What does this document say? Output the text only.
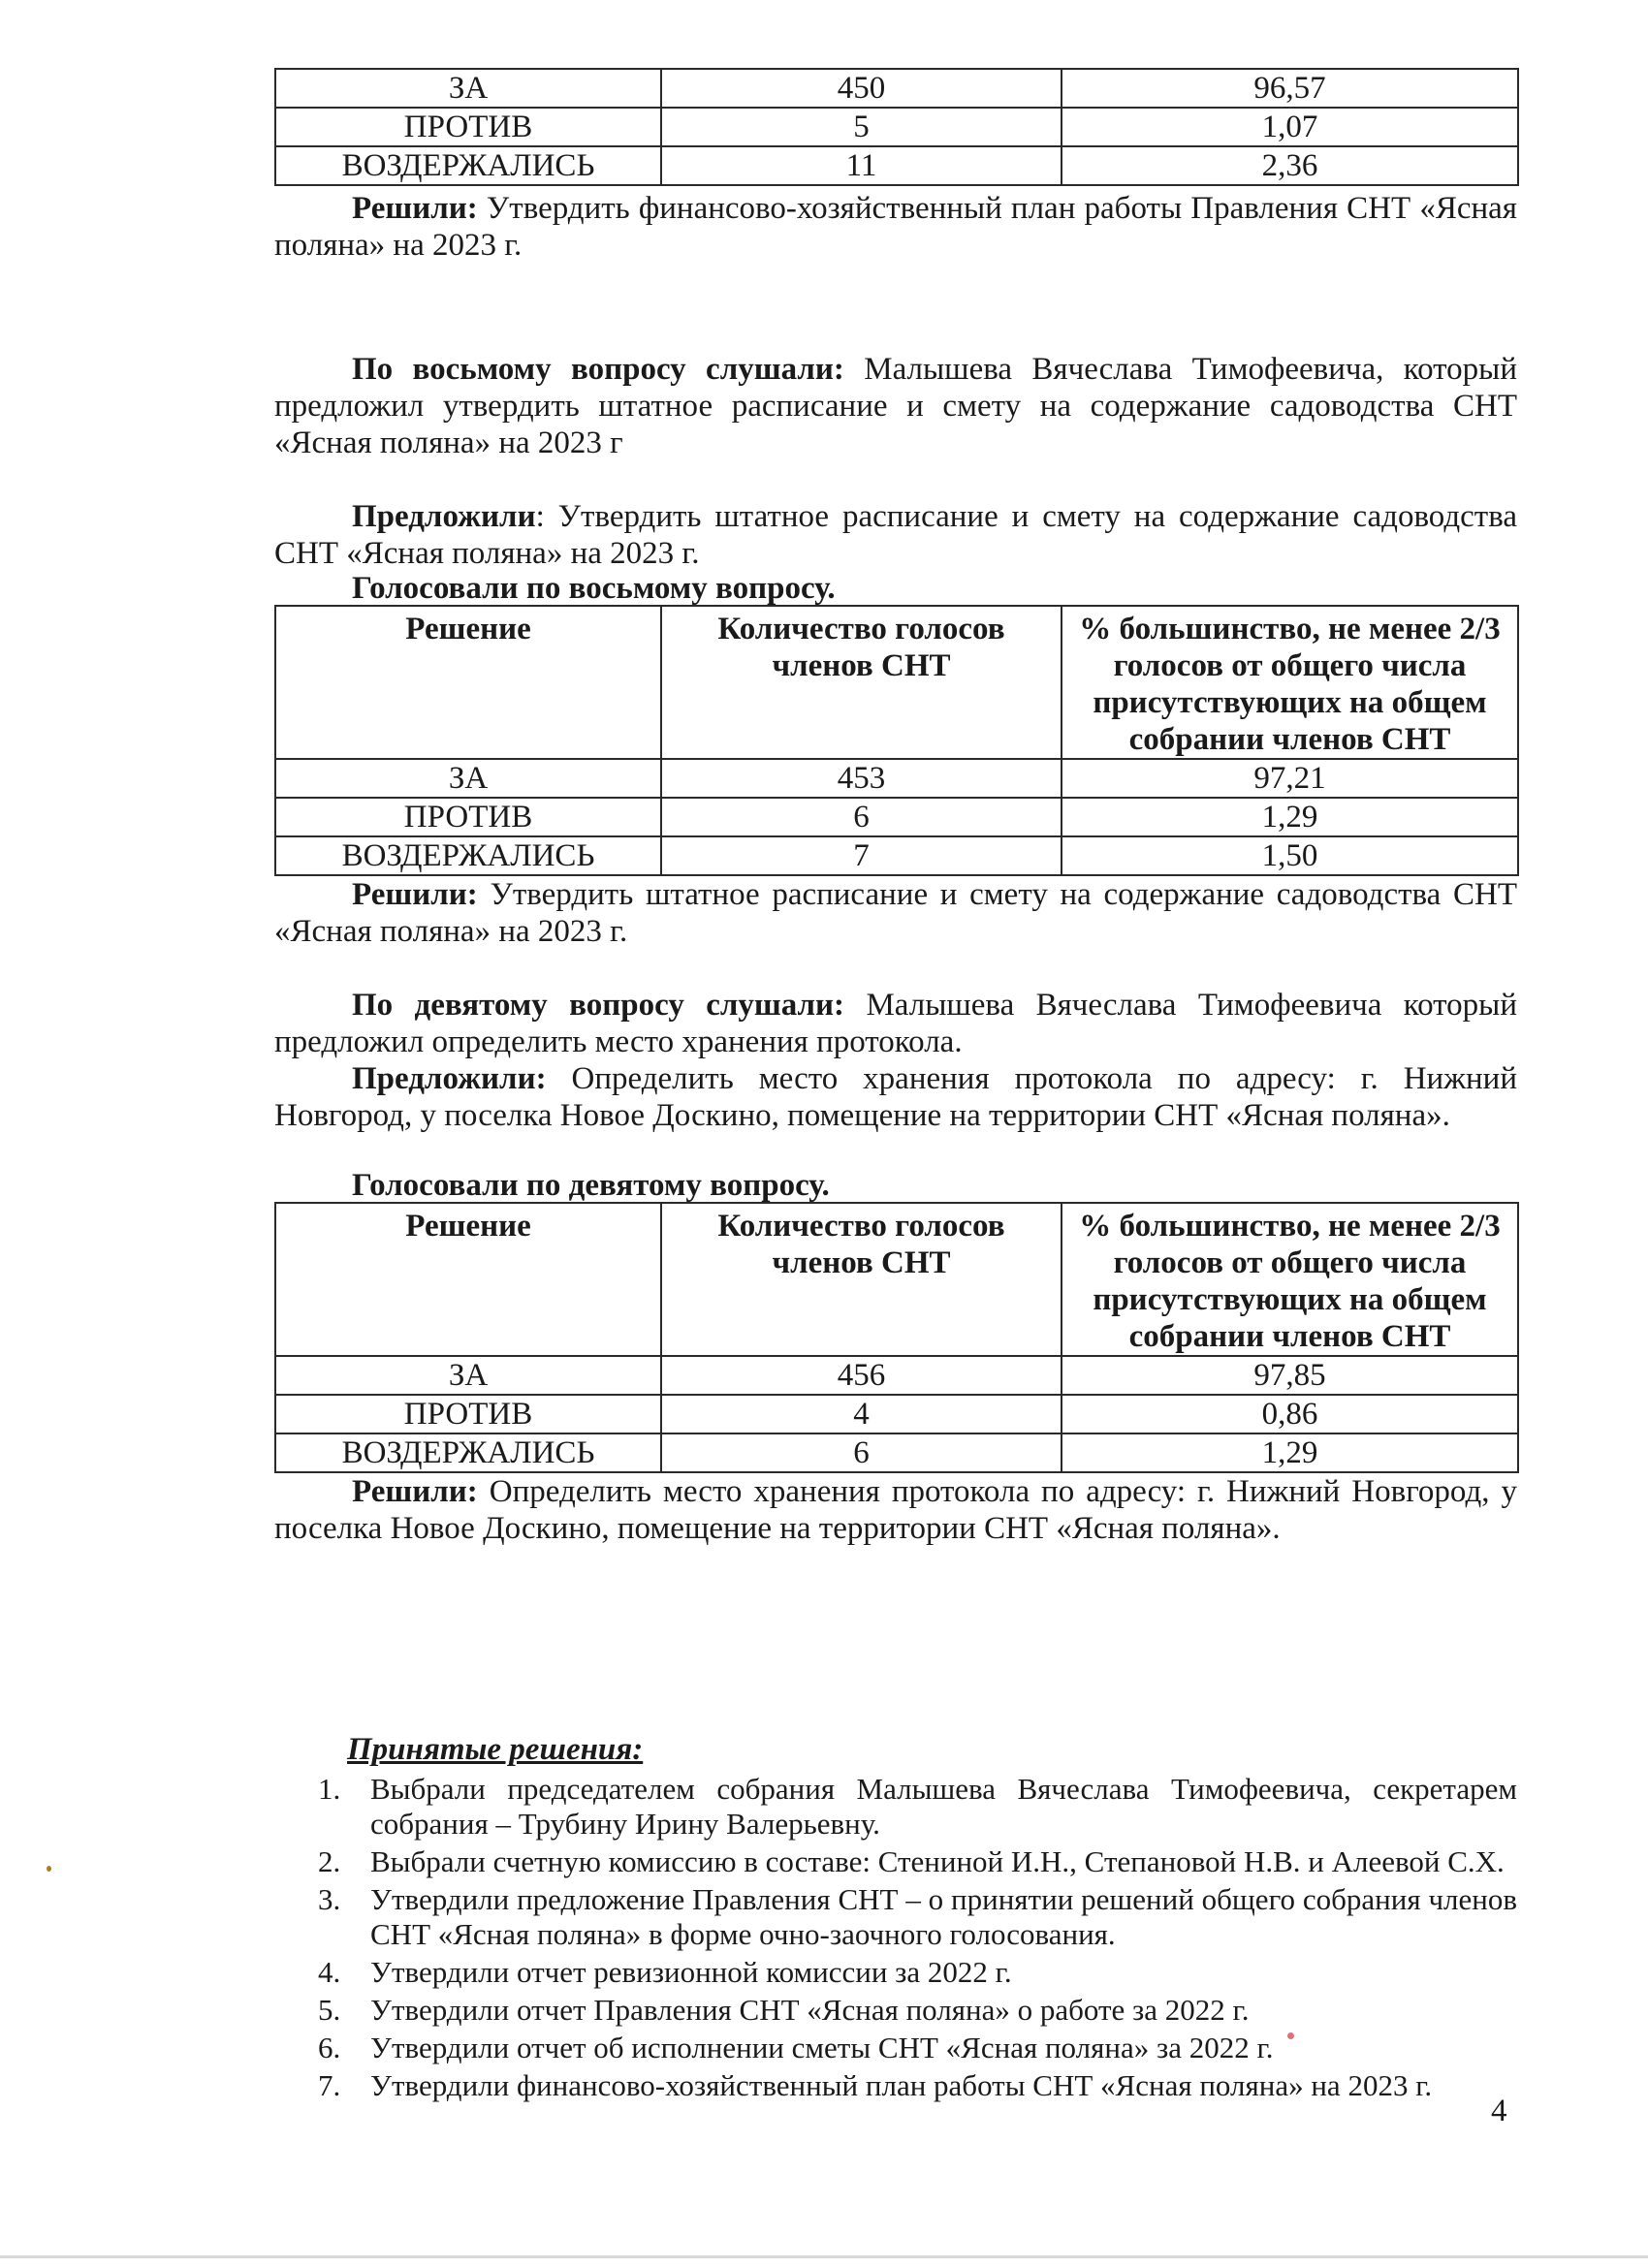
ЗА	450	96,57
ПРОТИВ	5	1,07
ВОЗДЕРЖАЛИСЬ	11	2,36

Решили: Утвердить финансово-хозяйственный план работы Правления СНТ «Ясная поляна» на 2023 г.

По восьмому вопросу слушали: Малышева Вячеслава Тимофеевича, который предложил утвердить штатное расписание и смету на содержание садоводства СНТ «Ясная поляна» на 2023 г

Предложили: Утвердить штатное расписание и смету на содержание садоводства СНТ «Ясная поляна» на 2023 г.

Голосовали по восьмому вопросу.

Решение	Количество голосов членов СНТ	% большинство, не менее 2/3 голосов от общего числа присутствующих на общем собрании членов СНТ
ЗА	453	97,21
ПРОТИВ	6	1,29
ВОЗДЕРЖАЛИСЬ	7	1,50

Решили: Утвердить штатное расписание и смету на содержание садоводства СНТ «Ясная поляна» на 2023 г.

По девятому вопросу слушали: Малышева Вячеслава Тимофеевича который предложил определить место хранения протокола.

Предложили: Определить место хранения протокола по адресу: г. Нижний Новгород, у поселка Новое Доскино, помещение на территории СНТ «Ясная поляна».

Голосовали по девятому вопросу.

Решение	Количество голосов членов СНТ	% большинство, не менее 2/3 голосов от общего числа присутствующих на общем собрании членов СНТ
ЗА	456	97,85
ПРОТИВ	4	0,86
ВОЗДЕРЖАЛИСЬ	6	1,29

Решили: Определить место хранения протокола по адресу: г. Нижний Новгород, у поселка Новое Доскино, помещение на территории СНТ «Ясная поляна».

Принятые решения:

1. Выбрали председателем собрания Малышева Вячеслава Тимофеевича, секретарем собрания – Трубину Ирину Валерьевну.
2. Выбрали счетную комиссию в составе: Стениной И.Н., Степановой Н.В. и Алеевой С.Х.
3. Утвердили предложение Правления СНТ – о принятии решений общего собрания членов СНТ «Ясная поляна» в форме очно-заочного голосования.
4. Утвердили отчет ревизионной комиссии за 2022 г.
5. Утвердили отчет Правления СНТ «Ясная поляна» о работе за 2022 г.
6. Утвердили отчет об исполнении сметы СНТ «Ясная поляна» за 2022 г.
7. Утвердили финансово-хозяйственный план работы СНТ «Ясная поляна» на 2023 г.
4
